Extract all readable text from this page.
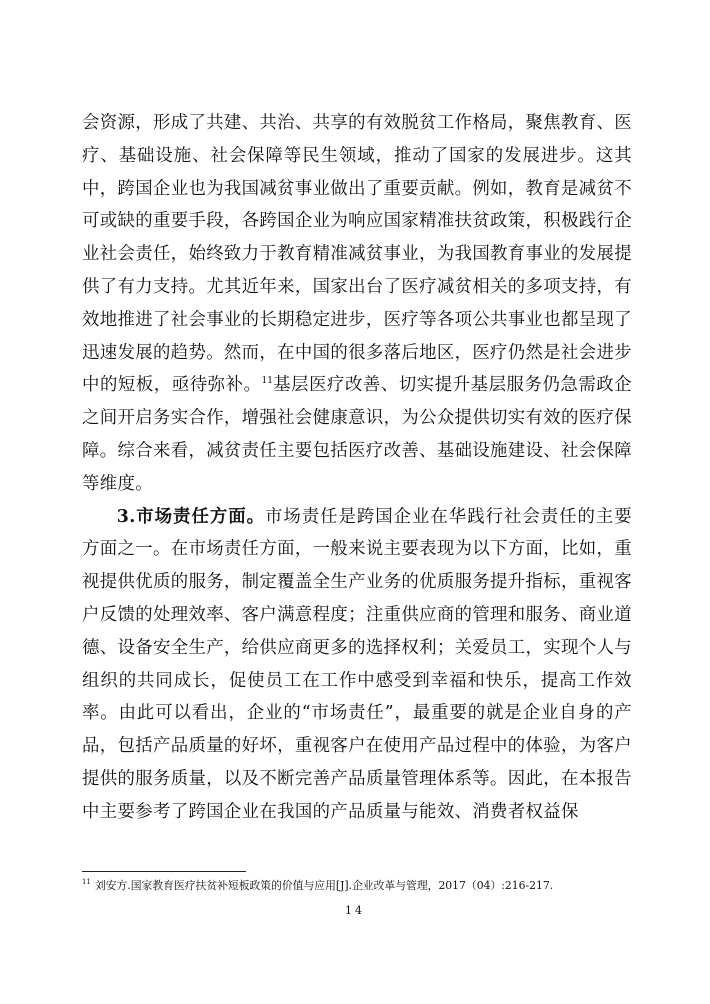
会资源，形成了共建、共治、共享的有效脱贫工作格局，聚焦教育、医疗、基础设施、社会保障等民生领域，推动了国家的发展进步。这其中，跨国企业也为我国减贫事业做出了重要贡献。例如，教育是减贫不可或缺的重要手段，各跨国企业为响应国家精准扶贫政策，积极践行企业社会责任，始终致力于教育精准减贫事业，为我国教育事业的发展提供了有力支持。尤其近年来，国家出台了医疗减贫相关的多项支持，有效地推进了社会事业的长期稳定进步，医疗等各项公共事业也都呈现了迅速发展的趋势。然而，在中国的很多落后地区，医疗仍然是社会进步中的短板，亟待弥补。$^{11}$基层医疗改善、切实提升基层服务仍急需政企之间开启务实合作，增强社会健康意识，为公众提供切实有效的医疗保障。综合来看，减贫责任主要包括医疗改善、基础设施建设、社会保障等维度。

3.市场责任方面。市场责任是跨国企业在华践行社会责任的主要方面之一。在市场责任方面，一般来说主要表现为以下方面，比如，重视提供优质的服务，制定覆盖全生产业务的优质服务提升指标，重视客户反馈的处理效率、客户满意程度；注重供应商的管理和服务、商业道德、设备安全生产，给供应商更多的选择权利；关爱员工，实现个人与组织的共同成长，促使员工在工作中感受到幸福和快乐，提高工作效率。由此可以看出，企业的“市场责任”，最重要的就是企业自身的产品，包括产品质量的好坏，重视客户在使用产品过程中的体验，为客户提供的服务质量，以及不断完善产品质量管理体系等。因此，在本报告中主要参考了跨国企业在我国的产品质量与能效、消费者权益保

$^{11}$ 刘安方.国家教育医疗扶贫补短板政策的价值与应用[J].企业改革与管理，2017（04）:216-217.
14
